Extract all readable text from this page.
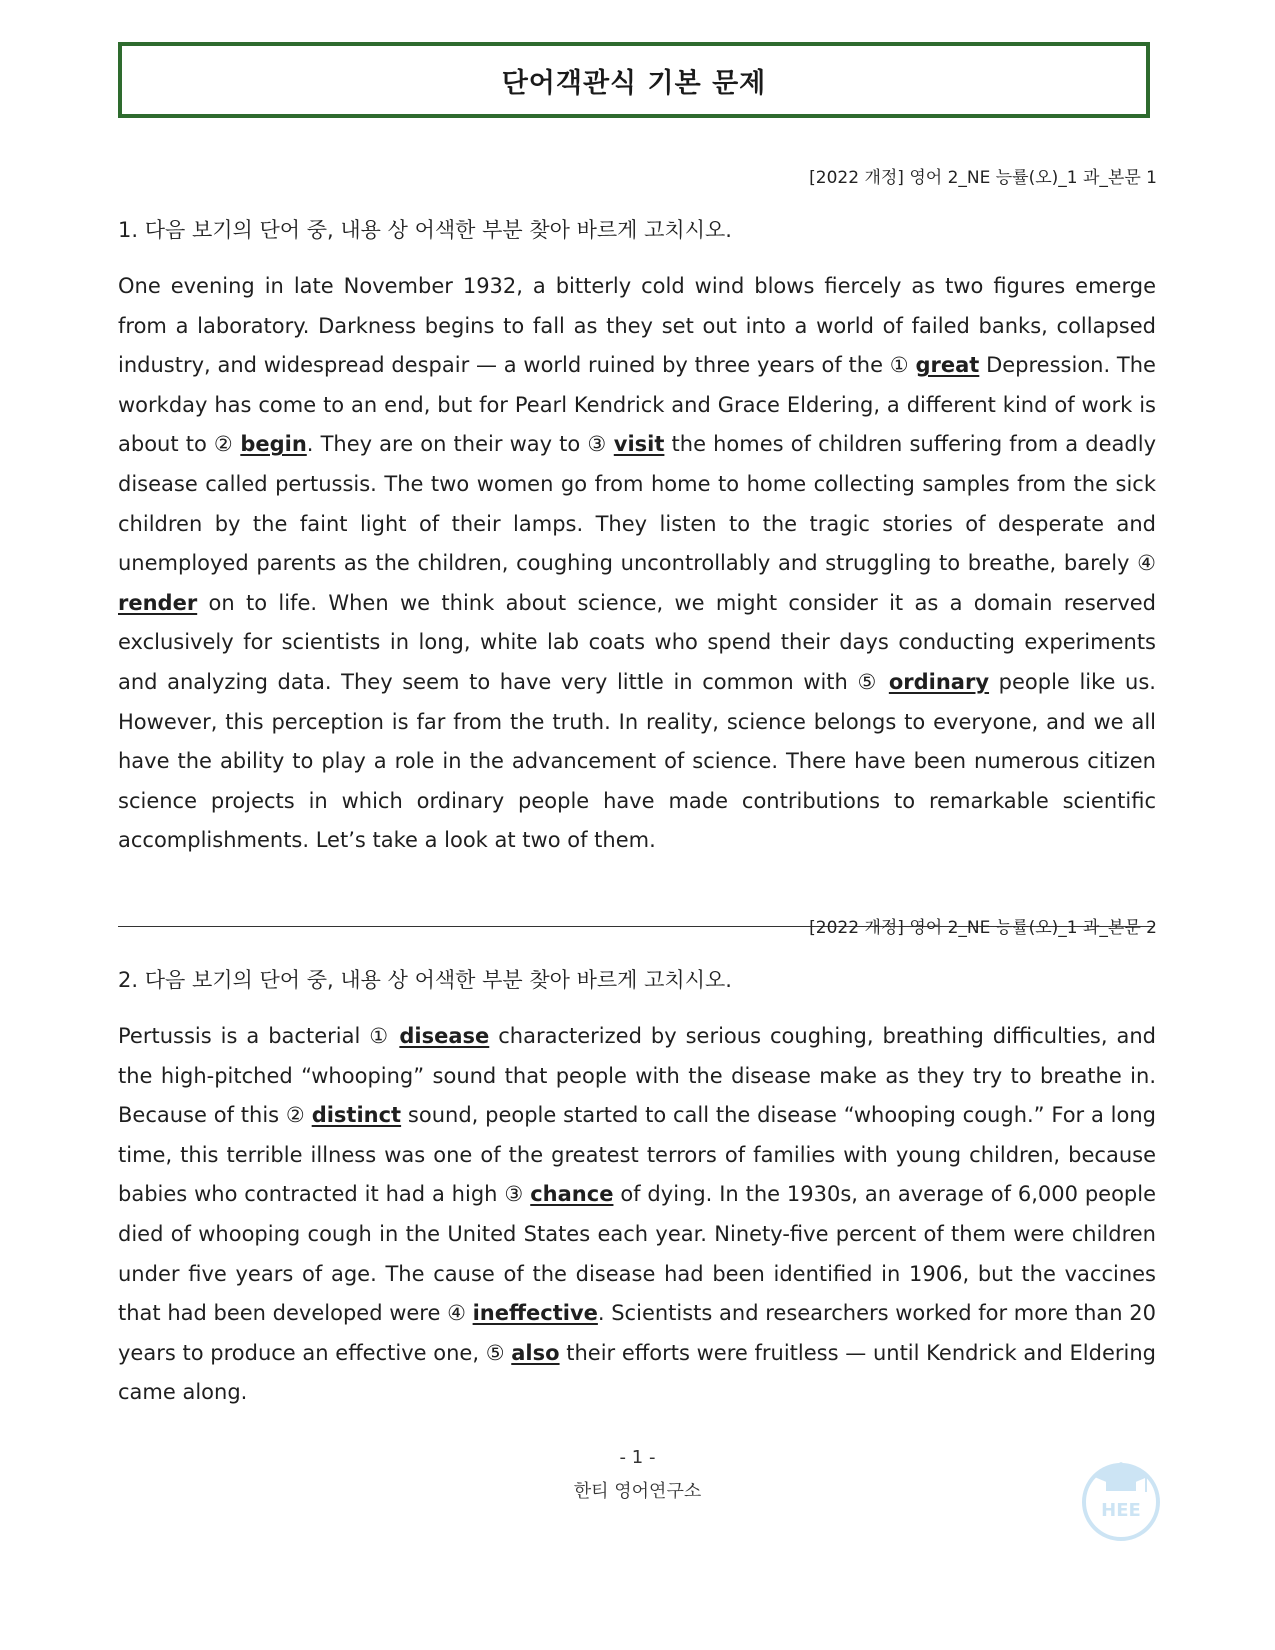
단어객관식 기본 문제
[2022 개정] 영어 2_NE 능률(오)_1 과_본문 1
1. 다음 보기의 단어 중, 내용 상 어색한 부분 찾아 바르게 고치시오.

One evening in late November 1932, a bitterly cold wind blows fiercely as two figures emerge from a laboratory. Darkness begins to fall as they set out into a world of failed banks, collapsed industry, and widespread despair — a world ruined by three years of the ① great Depression. The workday has come to an end, but for Pearl Kendrick and Grace Eldering, a different kind of work is about to ② begin. They are on their way to ③ visit the homes of children suffering from a deadly disease called pertussis. The two women go from home to home collecting samples from the sick children by the faint light of their lamps. They listen to the tragic stories of desperate and unemployed parents as the children, coughing uncontrollably and struggling to breathe, barely ④ render on to life. When we think about science, we might consider it as a domain reserved exclusively for scientists in long, white lab coats who spend their days conducting experiments and analyzing data. They seem to have very little in common with ⑤ ordinary people like us. However, this perception is far from the truth. In reality, science belongs to everyone, and we all have the ability to play a role in the advancement of science. There have been numerous citizen science projects in which ordinary people have made contributions to remarkable scientific accomplishments. Let’s take a look at two of them.

[2022 개정] 영어 2_NE 능률(오)_1 과_본문 2
2. 다음 보기의 단어 중, 내용 상 어색한 부분 찾아 바르게 고치시오.

Pertussis is a bacterial ① disease characterized by serious coughing, breathing difficulties, and the high-pitched “whooping” sound that people with the disease make as they try to breathe in. Because of this ② distinct sound, people started to call the disease “whooping cough.” For a long time, this terrible illness was one of the greatest terrors of families with young children, because babies who contracted it had a high ③ chance of dying. In the 1930s, an average of 6,000 people died of whooping cough in the United States each year. Ninety-five percent of them were children under five years of age. The cause of the disease had been identified in 1906, but the vaccines that had been developed were ④ ineffective. Scientists and researchers worked for more than 20 years to produce an effective one, ⑤ also their efforts were fruitless — until Kendrick and Eldering came along.

HEE
- 1 -
한티 영어연구소
